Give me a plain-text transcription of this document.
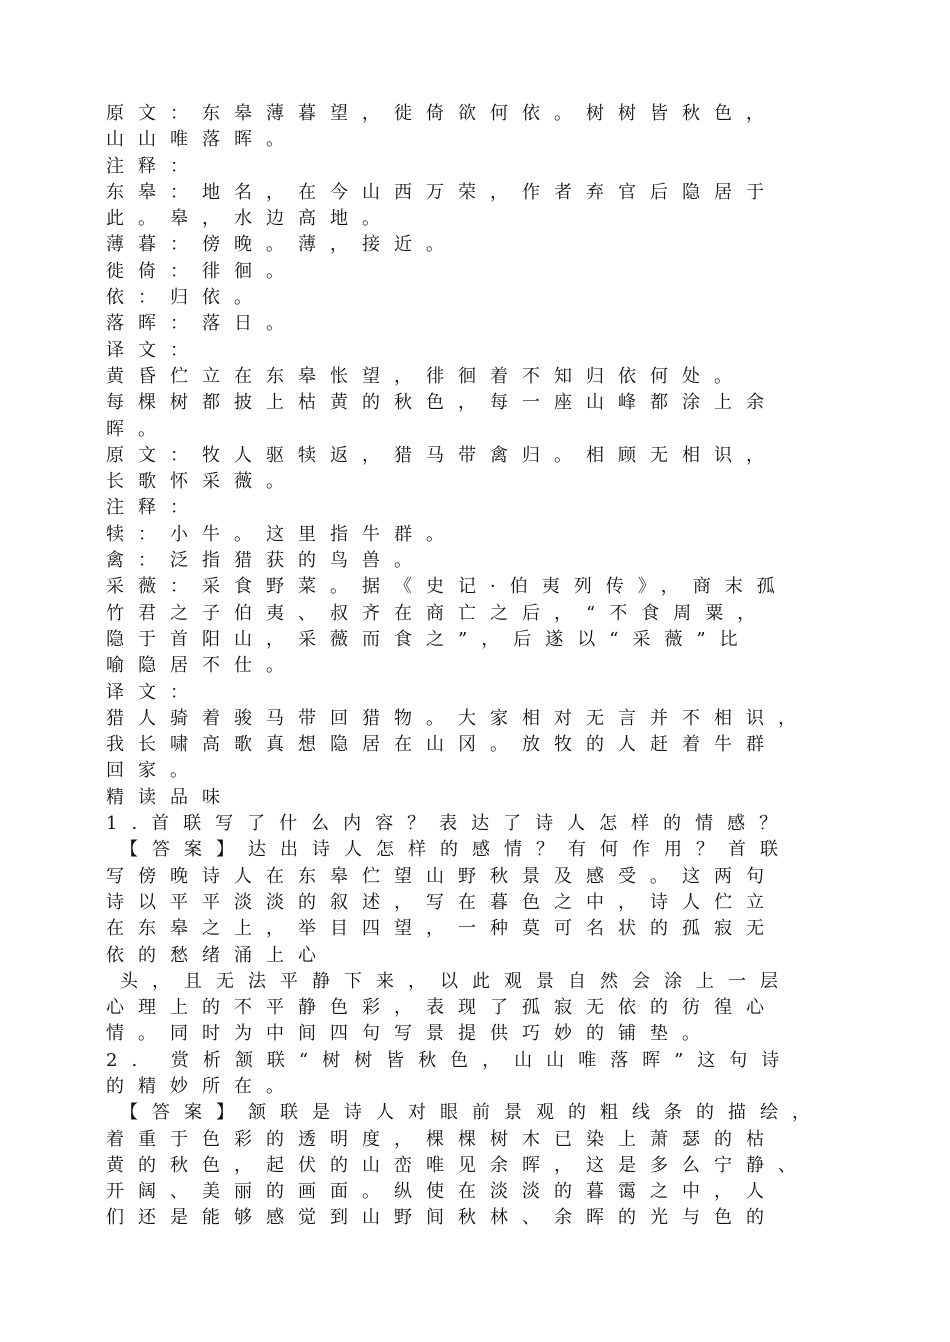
原文：东皋薄暮望，徙倚欲何依。树树皆秋色，
山山唯落晖。
注释：
东皋：地名，在今山西万荣，作者弃官后隐居于
此。皋，水边高地。
薄暮：傍晚。薄，接近。
徙倚：徘徊。
依：归依。
落晖：落日。
译文：
黄昏伫立在东皋怅望，徘徊着不知归依何处。
每棵树都披上枯黄的秋色，每一座山峰都涂上余
晖。
原文：牧人驱犊返，猎马带禽归。相顾无相识，
长歌怀采薇。
注释：
犊：小牛。这里指牛群。
禽：泛指猎获的鸟兽。
采薇：采食野菜。据《史记·伯夷列传》，商末孤
竹君之子伯夷、叔齐在商亡之后，“不食周粟，
隐于首阳山，采薇而食之”，后遂以“采薇”比
喻隐居不仕。
译文：
猎人骑着骏马带回猎物。大家相对无言并不相识，
我长啸高歌真想隐居在山冈。放牧的人赶着牛群
回家。
精读品味
1.首联写了什么内容？表达了诗人怎样的情感？
【答案】达出诗人怎样的感情？有何作用？首联
写傍晚诗人在东皋伫望山野秋景及感受。这两句
诗以平平淡淡的叙述，写在暮色之中，诗人伫立
在东皋之上，举目四望，一种莫可名状的孤寂无
依的愁绪涌上心
头，且无法平静下来，以此观景自然会涂上一层
心理上的不平静色彩，表现了孤寂无依的彷徨心
情。同时为中间四句写景提供巧妙的铺垫。
2. 赏析颔联“树树皆秋色，山山唯落晖”这句诗
的精妙所在。
【答案】颔联是诗人对眼前景观的粗线条的描绘，
着重于色彩的透明度，棵棵树木已染上萧瑟的枯
黄的秋色，起伏的山峦唯见余晖，这是多么宁静、
开阔、美丽的画面。纵使在淡淡的暮霭之中，人
们还是能够感觉到山野间秋林、余晖的光与色的
